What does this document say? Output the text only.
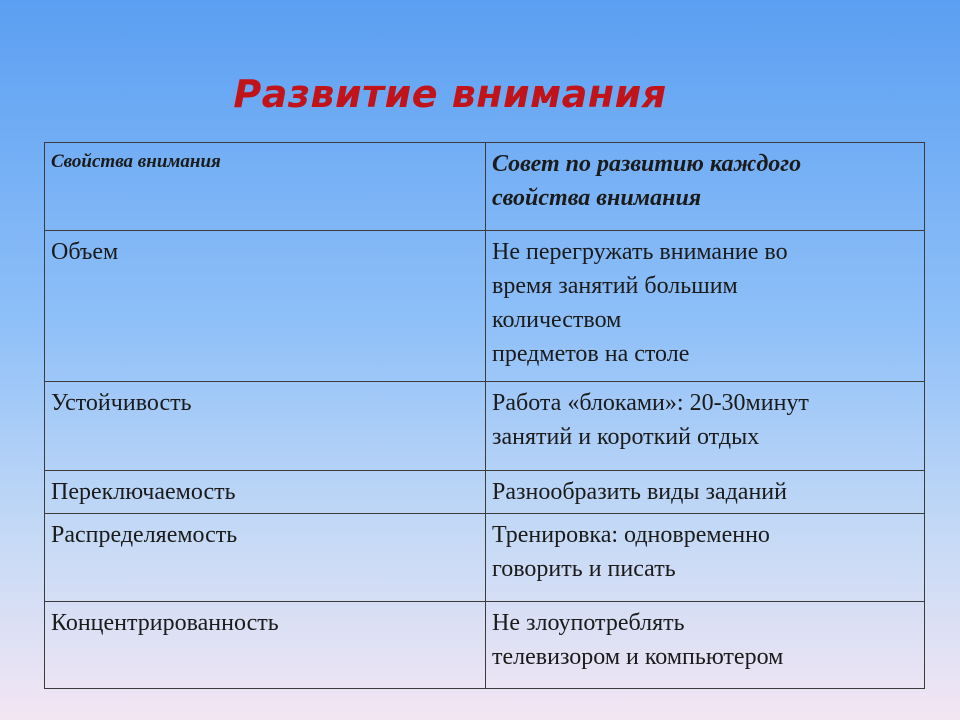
Развитие внимания
Свойства внимания	Совет по развитию каждого
свойства внимания
Объем	Не перегружать внимание во
время занятий большим
количеством
предметов на столе
Устойчивость	Работа «блоками»: 20-30минут
занятий и короткий отдых
Переключаемость	Разнообразить виды заданий
Распределяемость	Тренировка: одновременно
говорить и писать
Концентрированность	Не злоупотреблять
телевизором и компьютером
